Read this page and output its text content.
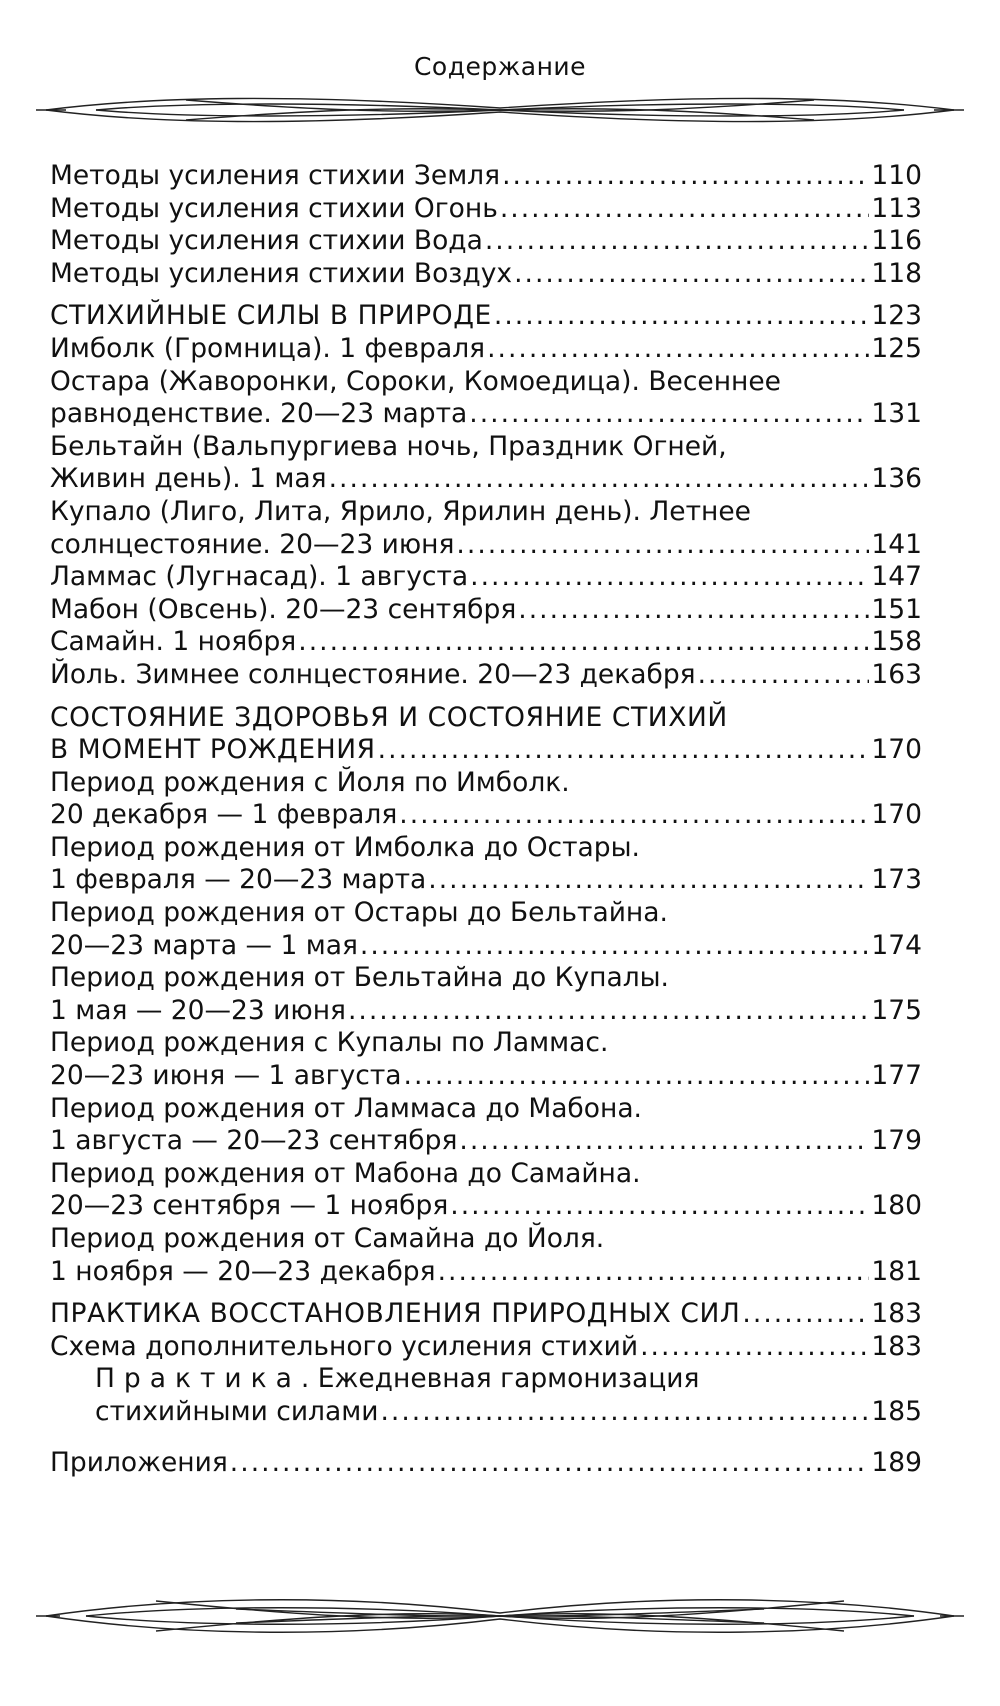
Содержание
Методы усиления стихии Земля . . .	110
Методы усиления стихии Огонь . . .	113
Методы усиления стихии Вода . . .	116
Методы усиления стихии Воздух . . .	118
СТИХИЙНЫЕ СИЛЫ В ПРИРОДЕ . . .	123
Имболк (Громница). 1 февраля . . .	125
Остара (Жаворонки, Сороки, Комоедица). Весеннее
равноденствие. 20—23 марта . . .	131
Бельтайн (Вальпургиева ночь, Праздник Огней,
Живин день). 1 мая . . .	136
Купало (Лиго, Лита, Ярило, Ярилин день). Летнее
солнцестояние. 20—23 июня . . .	141
Ламмас (Лугнасад). 1 августа . . .	147
Мабон (Овсень). 20—23 сентября . . .	151
Самайн. 1 ноября . . .	158
Йоль. Зимнее солнцестояние. 20—23 декабря . . .	163
СОСТОЯНИЕ ЗДОРОВЬЯ И СОСТОЯНИЕ СТИХИЙ
В МОМЕНТ РОЖДЕНИЯ . . .	170
Период рождения с Йоля по Имболк.
20 декабря — 1 февраля . . .	170
Период рождения от Имболка до Остары.
1 февраля — 20—23 марта . . .	173
Период рождения от Остары до Бельтайна.
20—23 марта — 1 мая . . .	174
Период рождения от Бельтайна до Купалы.
1 мая — 20—23 июня . . .	175
Период рождения с Купалы по Ламмас.
20—23 июня — 1 августа . . .	177
Период рождения от Ламмаса до Мабона.
1 августа — 20—23 сентября . . .	179
Период рождения от Мабона до Самайна.
20—23 сентября — 1 ноября . . .	180
Период рождения от Самайна до Йоля.
1 ноября — 20—23 декабря . . .	181
ПРАКТИКА ВОССТАНОВЛЕНИЯ ПРИРОДНЫХ СИЛ . . .	183
Схема дополнительного усиления стихий . . .	183
Практика. Ежедневная гармонизация
стихийными силами . . .	185
Приложения . . .	189
